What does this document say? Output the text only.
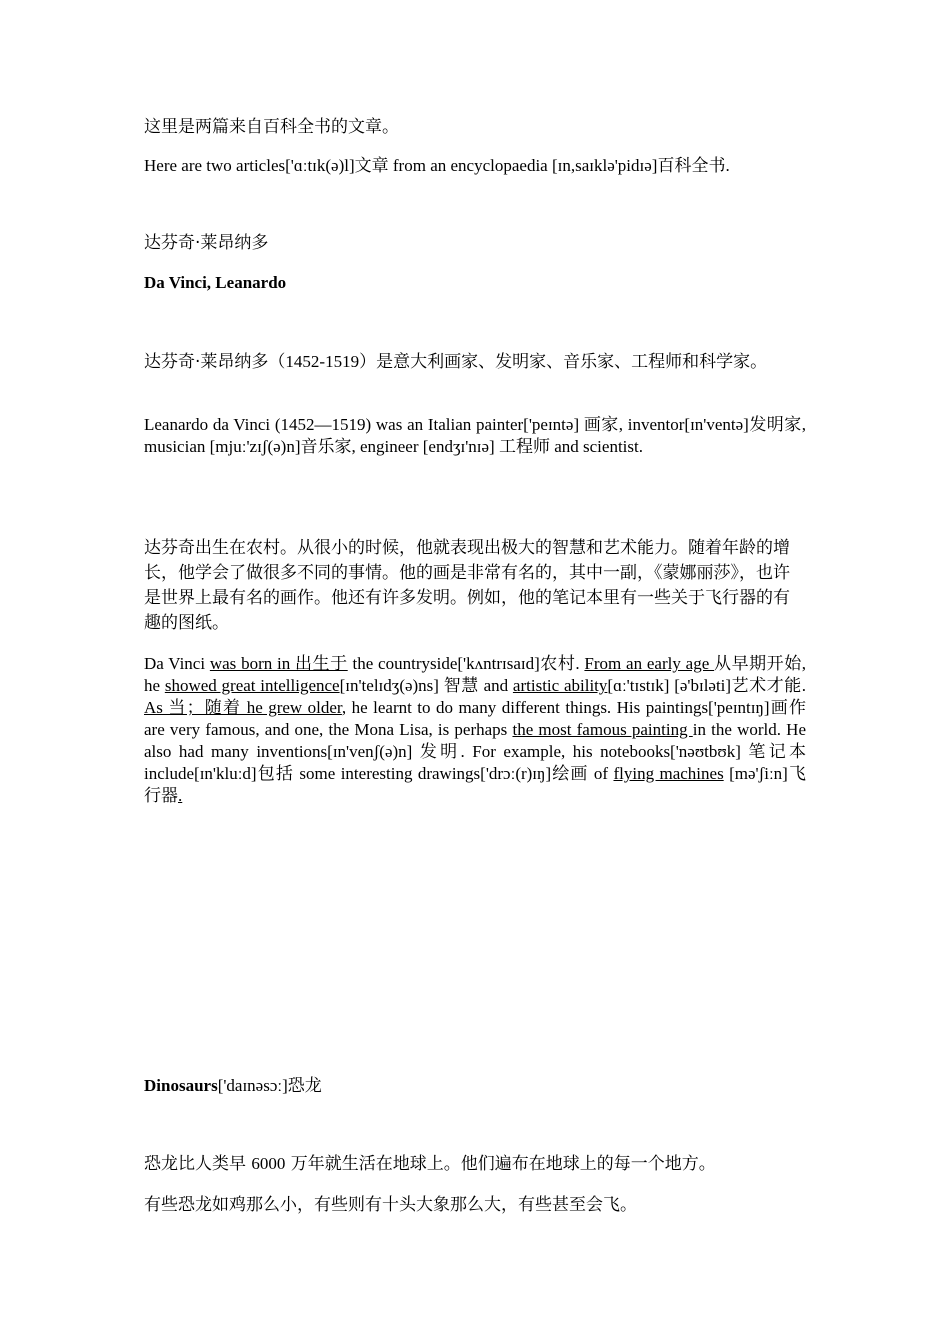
这里是两篇来自百科全书的文章。

Here are two articles['ɑːtɪk(ə)l]文章 from an encyclopaedia [ɪn,saɪklə'pidɪə]百科全书.

达芬奇·莱昂纳多

Da Vinci, Leanardo

达芬奇·莱昂纳多（1452-1519）是意大利画家、发明家、音乐家、工程师和科学家。

Leanardo da Vinci (1452—1519) was an Italian painter['peɪntə] 画家, inventor[ɪn'ventə]发明家, musician [mjuː'zɪʃ(ə)n]音乐家, engineer [endʒɪ'nɪə] 工程师 and scientist.

达芬奇出生在农村。从很小的时候，他就表现出极大的智慧和艺术能力。随着年龄的增长，他学会了做很多不同的事情。他的画是非常有名的，其中一副，《蒙娜丽莎》，也许是世界上最有名的画作。他还有许多发明。例如，他的笔记本里有一些关于飞行器的有趣的图纸。

Da Vinci was born in 出生于 the countryside['kʌntrɪsaɪd]农村. From an early age 从早期开始, he showed great intelligence[ɪn'telɪdʒ(ə)ns] 智慧 and artistic ability[ɑː'tɪstɪk] [ə'bɪləti]艺术才能. As 当；随着 he grew older, he learnt to do many different things. His paintings['peɪntɪŋ]画作 are very famous, and one, the Mona Lisa, is perhaps the most famous painting in the world. He also had many inventions[ɪn'venʃ(ə)n] 发明. For example, his notebooks['nəʊtbʊk] 笔记本 include[ɪn'kluːd]包括 some interesting drawings['drɔː(r)ɪŋ]绘画 of flying machines [mə'ʃiːn]飞行器.

Dinosaurs['daɪnəsɔː]恐龙

恐龙比人类早 6000 万年就生活在地球上。他们遍布在地球上的每一个地方。

有些恐龙如鸡那么小，有些则有十头大象那么大，有些甚至会飞。
